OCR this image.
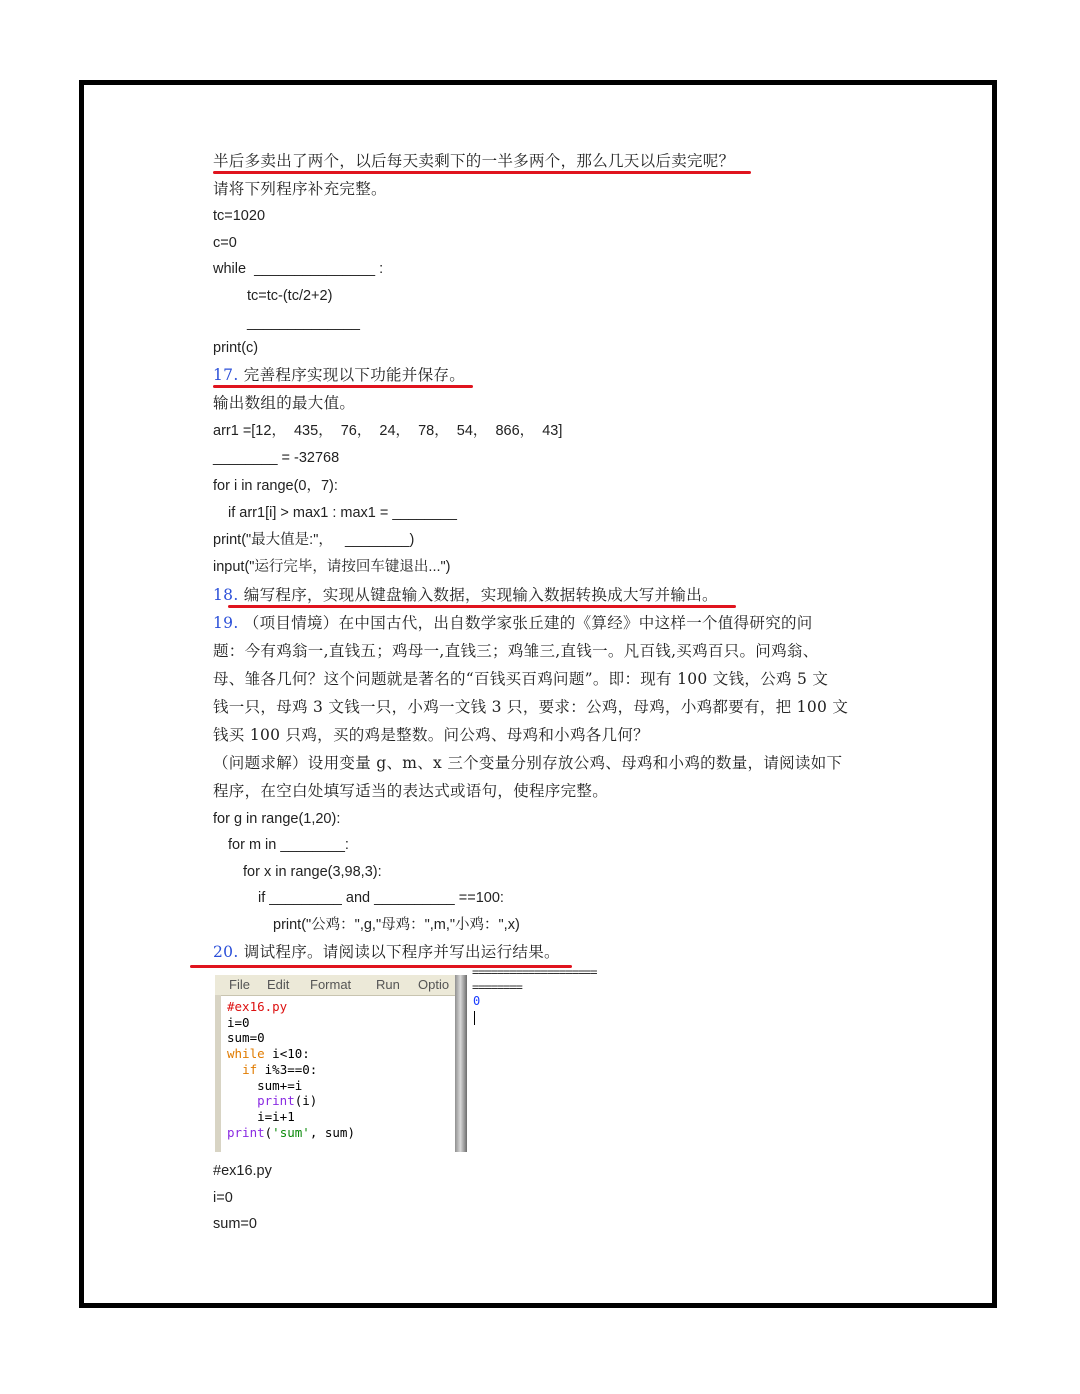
半后多卖出了两个，以后每天卖剩下的一半多两个，那么几天以后卖完呢？
请将下列程序补充完整。
tc=1020
c=0
while  _______________ :
tc=tc-(tc/2+2)
______________
print(c)
17. 完善程序实现以下功能并保存。
输出数组的最大值。
arr1 =[12，  435，  76，  24，  78，  54，  866，  43]
________ = -32768
for i in range(0，7):
if arr1[i] > max1 : max1 = ________
print("最大值是:"，   ________)
input("运行完毕，请按回车键退出...")
18. 编写程序，实现从键盘输入数据，实现输入数据转换成大写并输出。
19. （项目情境）在中国古代，出自数学家张丘建的《算经》中这样一个值得研究的问
题：今有鸡翁一,直钱五；鸡母一,直钱三；鸡雏三,直钱一。凡百钱,买鸡百只。问鸡翁、
母、雏各几何？这个问题就是著名的“百钱买百鸡问题”。即：现有 100 文钱，公鸡 5 文
钱一只，母鸡 3 文钱一只，小鸡一文钱 3 只，要求：公鸡，母鸡，小鸡都要有，把 100 文
钱买 100 只鸡，买的鸡是整数。问公鸡、母鸡和小鸡各几何？
（问题求解）设用变量 g、m、x 三个变量分别存放公鸡、母鸡和小鸡的数量，请阅读如下
程序，在空白处填写适当的表达式或语句，使程序完整。
for g in range(1,20):
for m in ________:
for x in range(3,98,3):
if _________ and __________ ==100:
print("公鸡：",g,"母鸡：",m,"小鸡：",x)
20. 调试程序。请阅读以下程序并写出运行结果。
File Edit Format Run Optio
#ex16.py
i=0
sum=0
while i<10:
if i%3==0:
sum+=i
print(i)
i=i+1
print('sum', sum)
====================
========
0
#ex16.py
i=0
sum=0
